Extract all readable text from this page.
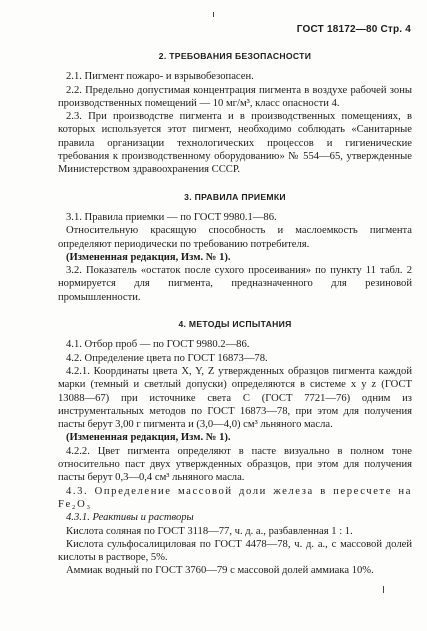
ГОСТ 18172—80 Стр. 4
2. ТРЕБОВАНИЯ БЕЗОПАСНОСТИ

2.1. Пигмент пожаро- и взрывобезопасен.

2.2. Предельно допустимая концентрация пигмента в воздухе рабочей зоны производственных помещений — 10 мг/м³, класс опасности 4.

2.3. При производстве пигмента и в производственных помещениях, в которых используется этот пигмент, необходимо соблюдать «Санитарные правила организации технологических процессов и гигиенические требования к производственному оборудованию» № 554—65, утвержденные Министерством здравоохранения СССР.

3. ПРАВИЛА ПРИЕМКИ

3.1. Правила приемки — по ГОСТ 9980.1—86.

Относительную красящую способность и маслоемкость пигмента определяют периодически по требованию потребителя.

(Измененная редакция, Изм. № 1).

3.2. Показатель «остаток после сухого просеивания» по пункту 11 табл. 2 нормируется для пигмента, предназначенного для резиновой промышленности.

4. МЕТОДЫ ИСПЫТАНИЯ

4.1. Отбор проб — по ГОСТ 9980.2—86.

4.2. Определение цвета по ГОСТ 16873—78.

4.2.1. Координаты цвета X, Y, Z утвержденных образцов пигмента каждой марки (темный и светлый допуски) определяются в системе x y z (ГОСТ 13088—67) при источнике света С (ГОСТ 7721—76) одним из инструментальных методов по ГОСТ 16873—78, при этом для получения пасты берут 3,00 г пигмента и (3,0—4,0) см³ льняного масла.

(Измененная редакция, Изм. № 1).

4.2.2. Цвет пигмента определяют в пасте визуально в полном тоне относительно паст двух утвержденных образцов, при этом для получения пасты берут 0,3—0,4 см³ льняного масла.

4.3. Определение массовой доли железа в пересчете на Fe₂O₃

4.3.1. Реактивы и растворы

Кислота соляная по ГОСТ 3118—77, ч. д. а., разбавленная 1 : 1.

Кислота сульфосалициловая по ГОСТ 4478—78, ч. д. а., с массовой долей кислоты в растворе, 5%.

Аммиак водный по ГОСТ 3760—79 с массовой долей аммиака 10%.
